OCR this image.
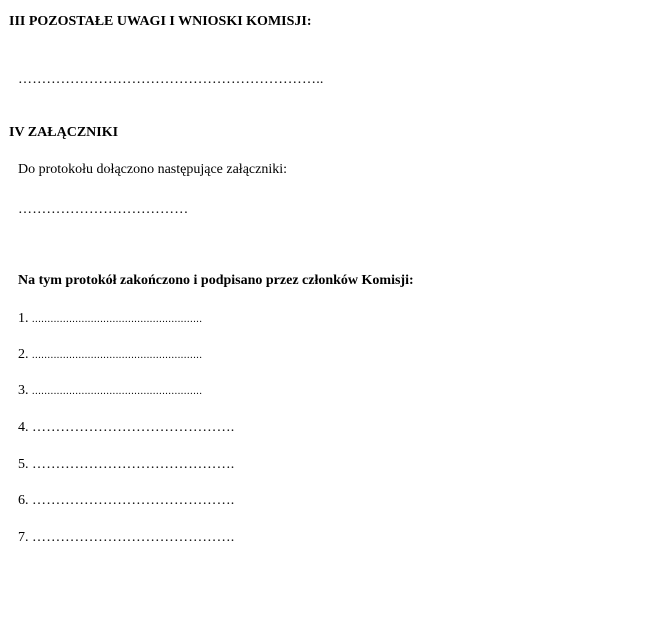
III POZOSTAŁE UWAGI I WNIOSKI KOMISJI:
………………………………………………………..
IV ZAŁĄCZNIKI
Do protokołu dołączono następujące załączniki:
………………………………
Na tym protokół zakończono i podpisano przez członków Komisji:
1. .......................................................
2. .......................................................
3. .......................................................
4. …………………………………….
5. …………………………………….
6. …………………………………….
7. …………………………………….
